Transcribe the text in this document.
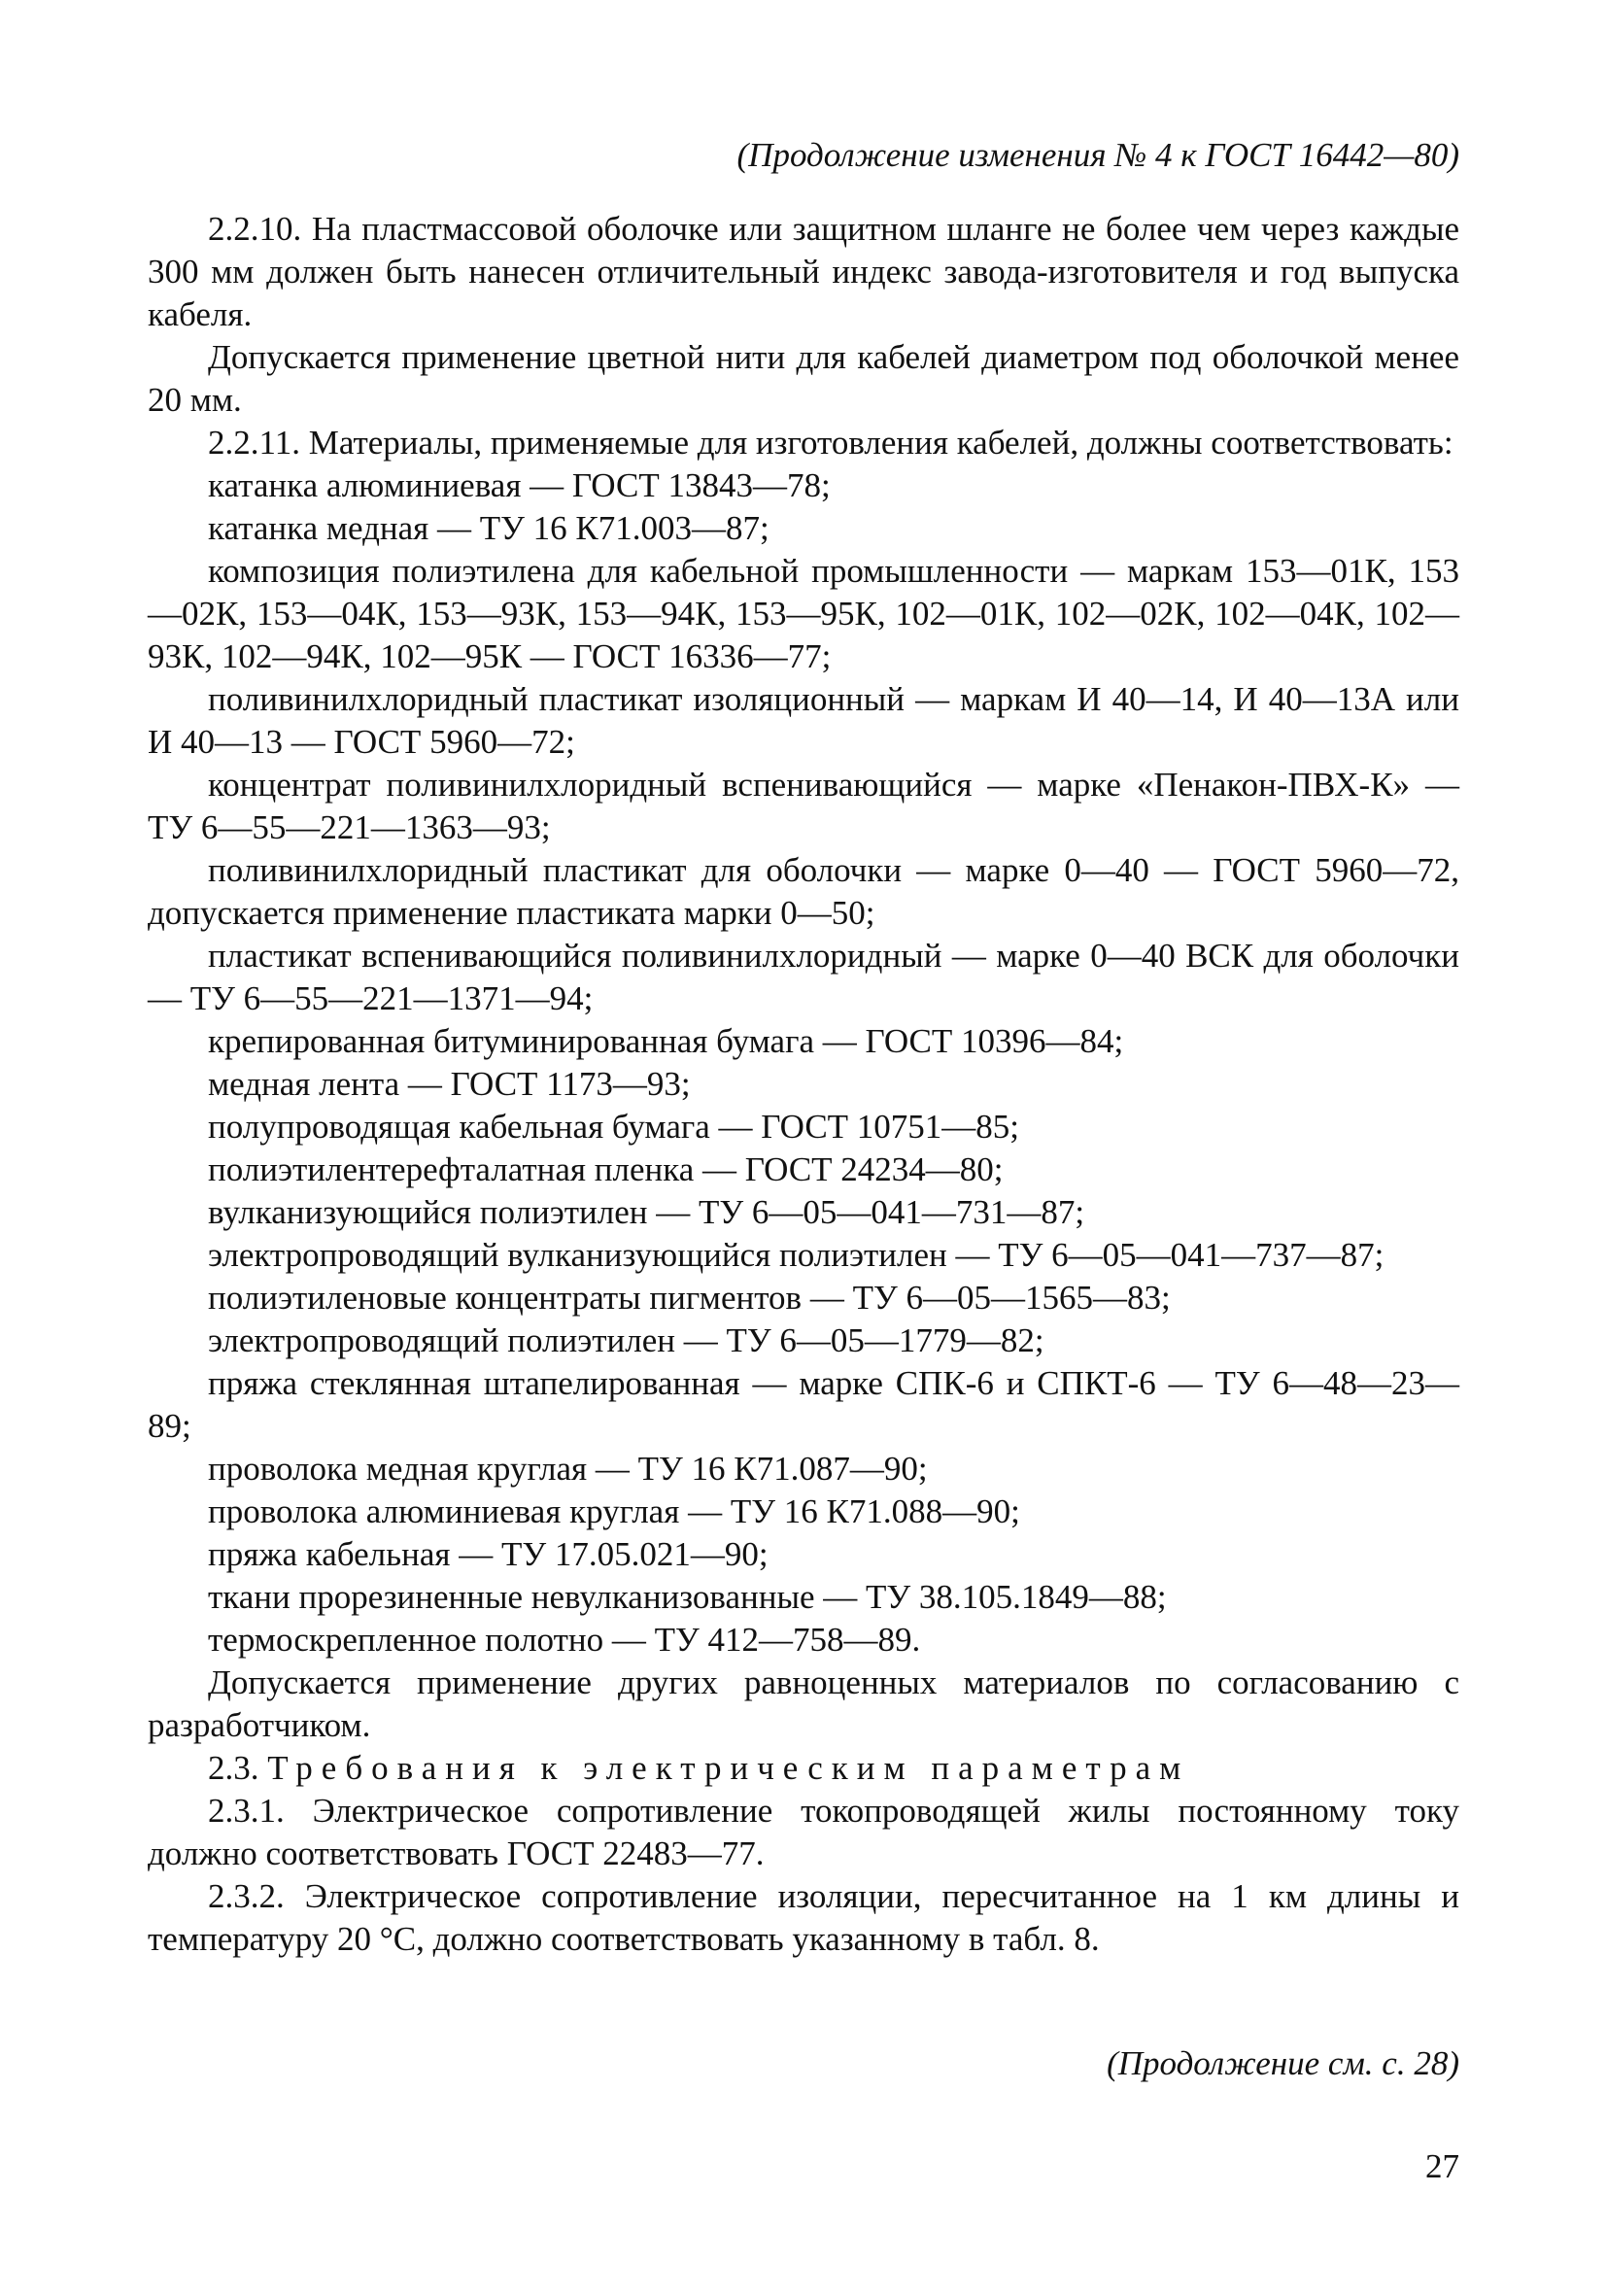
(Продолжение изменения № 4 к ГОСТ 16442—80)

2.2.10. На пластмассовой оболочке или защитном шланге не более чем через каждые 300 мм должен быть нанесен отличительный индекс завода-изготовителя и год выпуска кабеля.

Допускается применение цветной нити для кабелей диаметром под оболочкой менее 20 мм.

2.2.11. Материалы, применяемые для изготовления кабелей, должны соответствовать:

катанка алюминиевая — ГОСТ 13843—78;

катанка медная — ТУ 16 К71.003—87;

композиция полиэтилена для кабельной промышленности — маркам 153—01К, 153—02К, 153—04К, 153—93К, 153—94К, 153—95К, 102—01К, 102—02К, 102—04К, 102—93К, 102—94К, 102—95К — ГОСТ 16336—77;

поливинилхлоридный пластикат изоляционный — маркам И 40—14, И 40—13А или И 40—13 — ГОСТ 5960—72;

концентрат поливинилхлоридный вспенивающийся — марке «Пенакон-ПВХ-К» — ТУ 6—55—221—1363—93;

поливинилхлоридный пластикат для оболочки — марке 0—40 — ГОСТ 5960—72, допускается применение пластиката марки 0—50;

пластикат вспенивающийся поливинилхлоридный — марке 0—40 ВСК для оболочки — ТУ 6—55—221—1371—94;

крепированная битуминированная бумага — ГОСТ 10396—84;

медная лента — ГОСТ 1173—93;

полупроводящая кабельная бумага — ГОСТ 10751—85;

полиэтилентерефталатная пленка — ГОСТ 24234—80;

вулканизующийся полиэтилен — ТУ 6—05—041—731—87;

электропроводящий вулканизующийся полиэтилен — ТУ 6—05—041—737—87;

полиэтиленовые концентраты пигментов — ТУ 6—05—1565—83;

электропроводящий полиэтилен — ТУ 6—05—1779—82;

пряжа стеклянная штапелированная — марке СПК-6 и СПКТ-6 — ТУ 6—48—23—89;

проволока медная круглая — ТУ 16 К71.087—90;

проволока алюминиевая круглая — ТУ 16 К71.088—90;

пряжа кабельная — ТУ 17.05.021—90;

ткани прорезиненные невулканизованные — ТУ 38.105.1849—88;

термоскрепленное полотно — ТУ 412—758—89.

Допускается применение других равноценных материалов по согласованию с разработчиком.

2.3. Требования к электрическим параметрам

2.3.1. Электрическое сопротивление токопроводящей жилы постоянному току должно соответствовать ГОСТ 22483—77.

2.3.2. Электрическое сопротивление изоляции, пересчитанное на 1 км длины и температуру 20 °С, должно соответствовать указанному в табл. 8.

(Продолжение см. с. 28)
27
